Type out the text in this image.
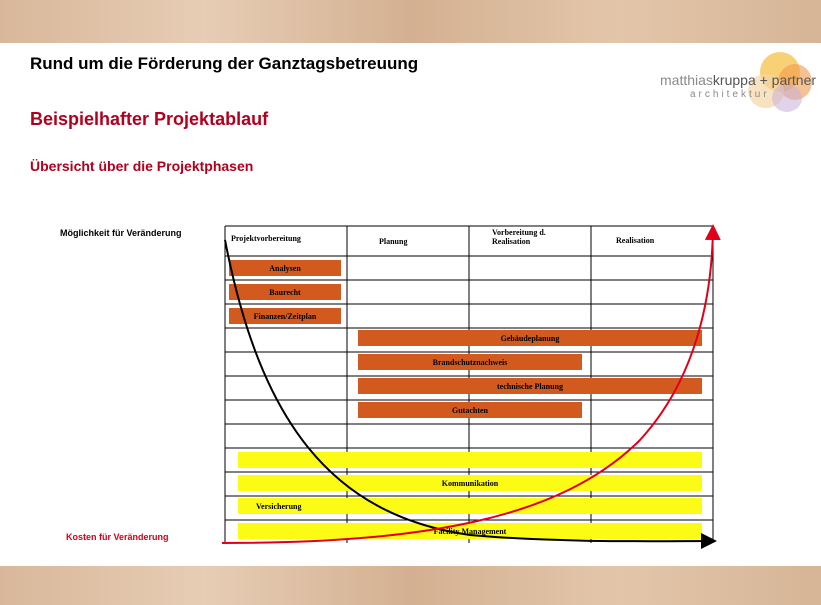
Rund um die Förderung der Ganztagsbetreuung
Beispielhafter Projektablauf
Übersicht über die Projektphasen
matthiaskruppa + partner
architektur
Möglichkeit für Veränderung
Kosten für Veränderung
Projektvorbereitung	Planung
Vorbereitung d. Realisation	Realisation
Analysen
Baurecht
Finanzen/Zeitplan
Gebäudeplanung
Brandschutznachweis
technische Planung
Gutachten
Kommunikation
Versicherung
Facility Management
